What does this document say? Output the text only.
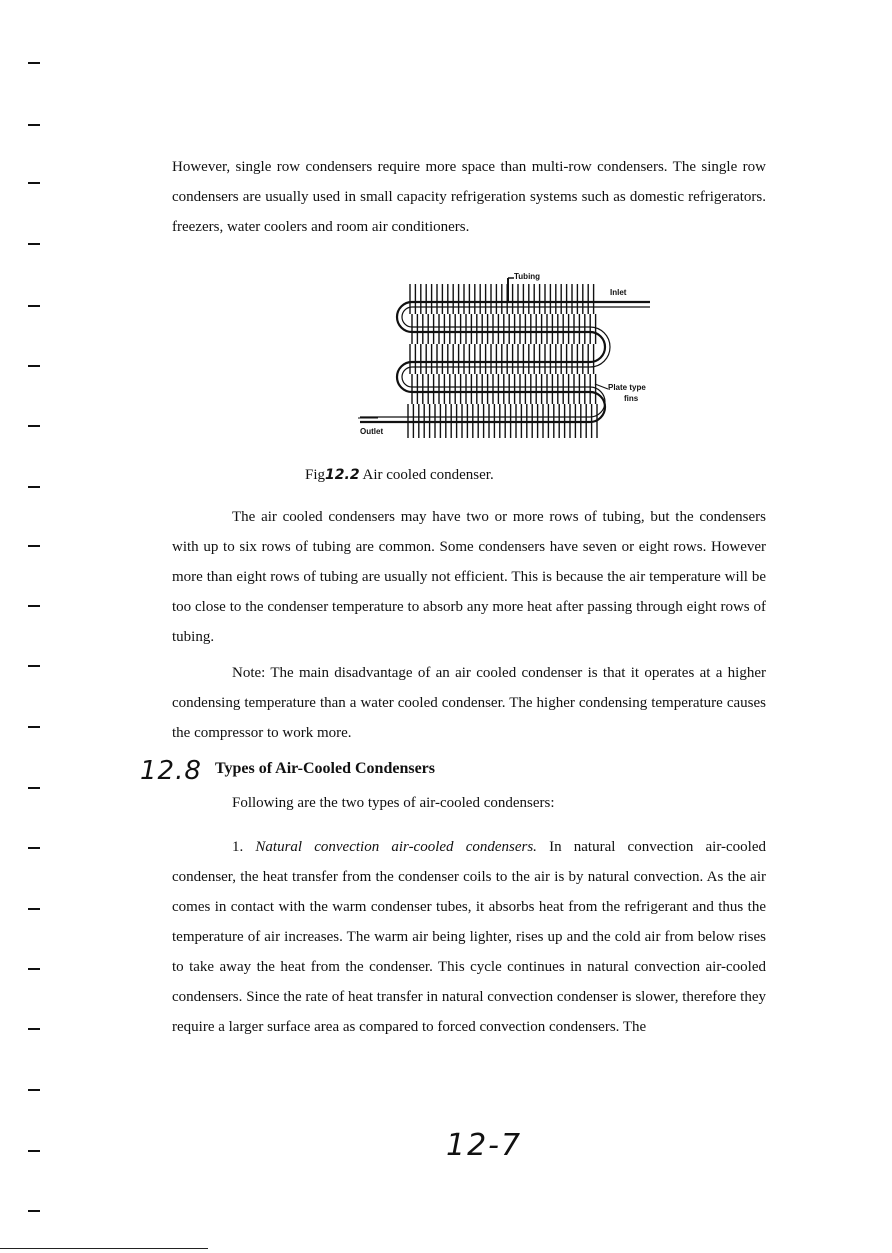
However, single row condensers require more space than multi-row condensers. The single row condensers are usually used in small capacity refrigeration systems such as domestic refrigerators. freezers, water coolers and room air conditioners.

Tubing
Inlet
Plate type
fins
Outlet
Fig12.2 Air cooled condenser.

The air cooled condensers may have two or more rows of tubing, but the condensers with up to six rows of tubing are common. Some condensers have seven or eight rows. However more than eight rows of tubing are usually not efficient. This is because the air temperature will be too close to the condenser temperature to absorb any more heat after passing through eight rows of tubing.

Note: The main disadvantage of an air cooled condenser is that it operates at a higher condensing temperature than a water cooled condenser. The higher condensing temperature causes the compressor to work more.

12.8 Types of Air-Cooled Condensers
Following are the two types of air-cooled condensers:

1. Natural convection air-cooled condensers. In natural convection air-cooled condenser, the heat transfer from the condenser coils to the air is by natural convection. As the air comes in contact with the warm condenser tubes, it absorbs heat from the refrigerant and thus the temperature of air increases. The warm air being lighter, rises up and the cold air from below rises to take away the heat from the condenser. This cycle continues in natural convection air-cooled condensers. Since the rate of heat transfer in natural convection condenser is slower, therefore they require a larger surface area as compared to forced convection condensers. The

12-7
